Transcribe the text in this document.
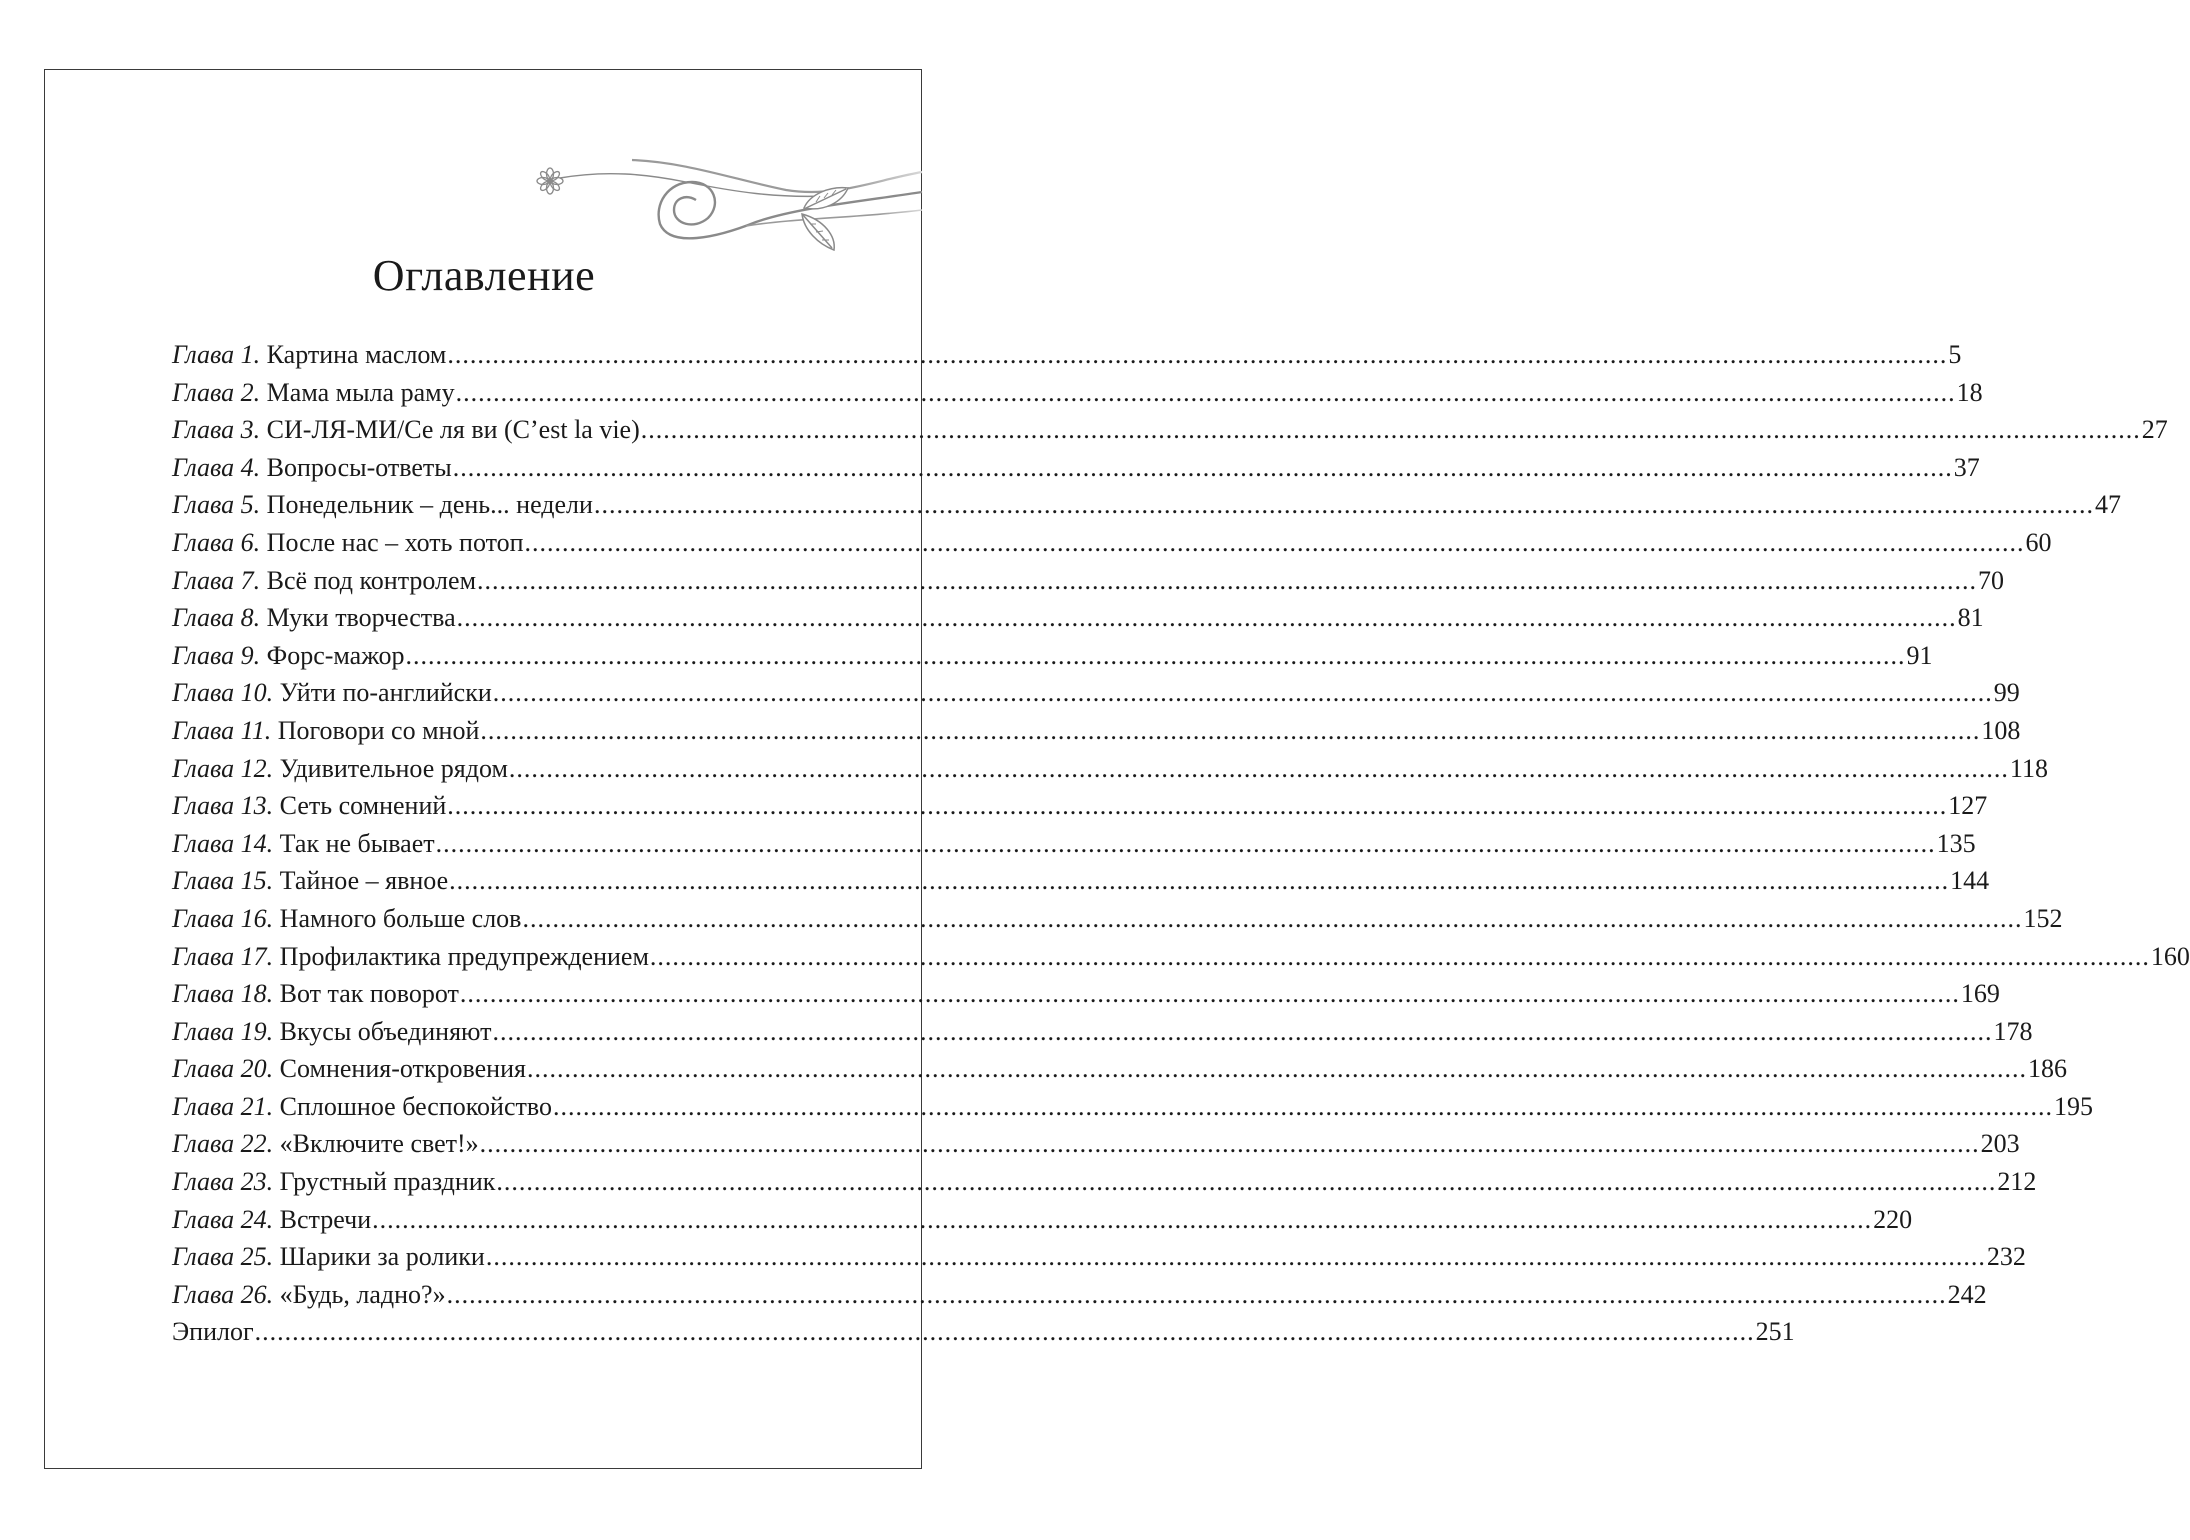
Оглавление
Глава 1. Картина маслом ........................................................................................................................................................................................................ 5
Глава 2. Мама мыла раму ........................................................................................................................................................................................................ 18
Глава 3. СИ-ЛЯ-МИ/Се ля ви (C’est la vie) ........................................................................................................................................................................................................ 27
Глава 4. Вопросы-ответы ........................................................................................................................................................................................................ 37
Глава 5. Понедельник – день... недели ........................................................................................................................................................................................................ 47
Глава 6. После нас – хоть потоп ........................................................................................................................................................................................................ 60
Глава 7. Всё под контролем ........................................................................................................................................................................................................ 70
Глава 8. Муки творчества ........................................................................................................................................................................................................ 81
Глава 9. Форс-мажор ........................................................................................................................................................................................................ 91
Глава 10. Уйти по-английски ........................................................................................................................................................................................................ 99
Глава 11. Поговори со мной ........................................................................................................................................................................................................ 108
Глава 12. Удивительное рядом ........................................................................................................................................................................................................ 118
Глава 13. Сеть сомнений ........................................................................................................................................................................................................ 127
Глава 14. Так не бывает ........................................................................................................................................................................................................ 135
Глава 15. Тайное – явное ........................................................................................................................................................................................................ 144
Глава 16. Намного больше слов ........................................................................................................................................................................................................ 152
Глава 17. Профилактика предупреждением ........................................................................................................................................................................................................ 160
Глава 18. Вот так поворот ........................................................................................................................................................................................................ 169
Глава 19. Вкусы объединяют ........................................................................................................................................................................................................ 178
Глава 20. Сомнения-откровения ........................................................................................................................................................................................................ 186
Глава 21. Сплошное беспокойство ........................................................................................................................................................................................................ 195
Глава 22. «Включите свет!» ........................................................................................................................................................................................................ 203
Глава 23. Грустный праздник ........................................................................................................................................................................................................ 212
Глава 24. Встречи ........................................................................................................................................................................................................ 220
Глава 25. Шарики за ролики ........................................................................................................................................................................................................ 232
Глава 26. «Будь, ладно?» ........................................................................................................................................................................................................ 242
Эпилог ........................................................................................................................................................................................................ 251
